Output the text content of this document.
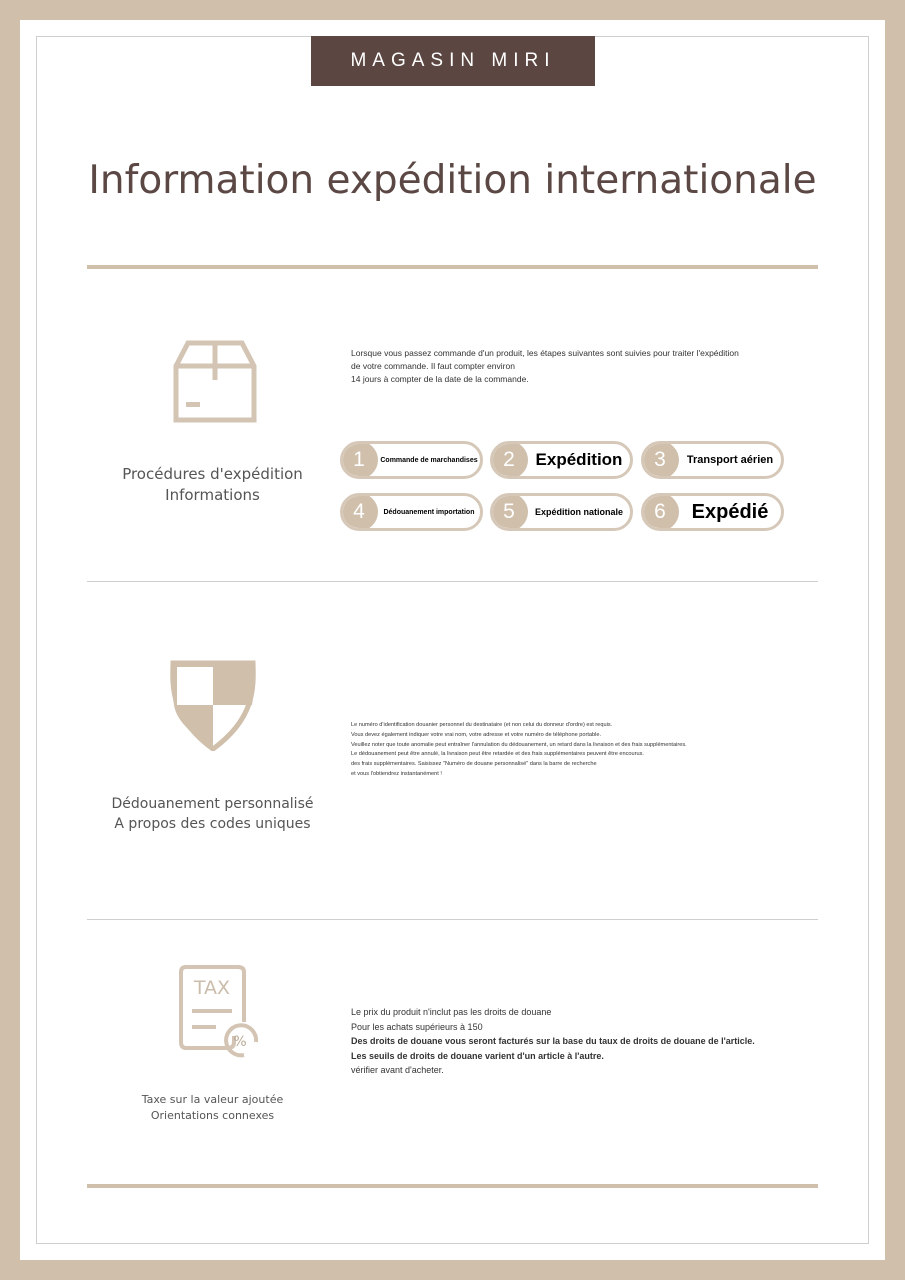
MAGASIN MIRI
Information expédition internationale
Procédures d'expédition
Informations
Lorsque vous passez commande d'un produit, les étapes suivantes sont suivies pour traiter l'expédition
de votre commande. Il faut compter environ
14 jours à compter de la date de la commande.
1	Commande de marchandises	2	Expédition	3	Transport aérien
4	Dédouanement importation	5	Expédition nationale	6	Expédié
Dédouanement personnalisé
A propos des codes uniques
Le numéro d'identification douanier personnel du destinataire (et non celui du donneur d'ordre) est requis.
Vous devez également indiquer votre vrai nom, votre adresse et votre numéro de téléphone portable.
Veuillez noter que toute anomalie peut entraîner l'annulation du dédouanement, un retard dans la livraison et des frais supplémentaires.
Le dédouanement peut être annulé, la livraison peut être retardée et des frais supplémentaires peuvent être encourus.
des frais supplémentaires. Saisissez "Numéro de douane personnalisé" dans la barre de recherche
et vous l'obtiendrez instantanément !
TAX
%
Taxe sur la valeur ajoutée
Orientations connexes
Le prix du produit n'inclut pas les droits de douane
Pour les achats supérieurs à 150
Des droits de douane vous seront facturés sur la base du taux de droits de douane de l'article.
Les seuils de droits de douane varient d'un article à l'autre.
vérifier avant d'acheter.
